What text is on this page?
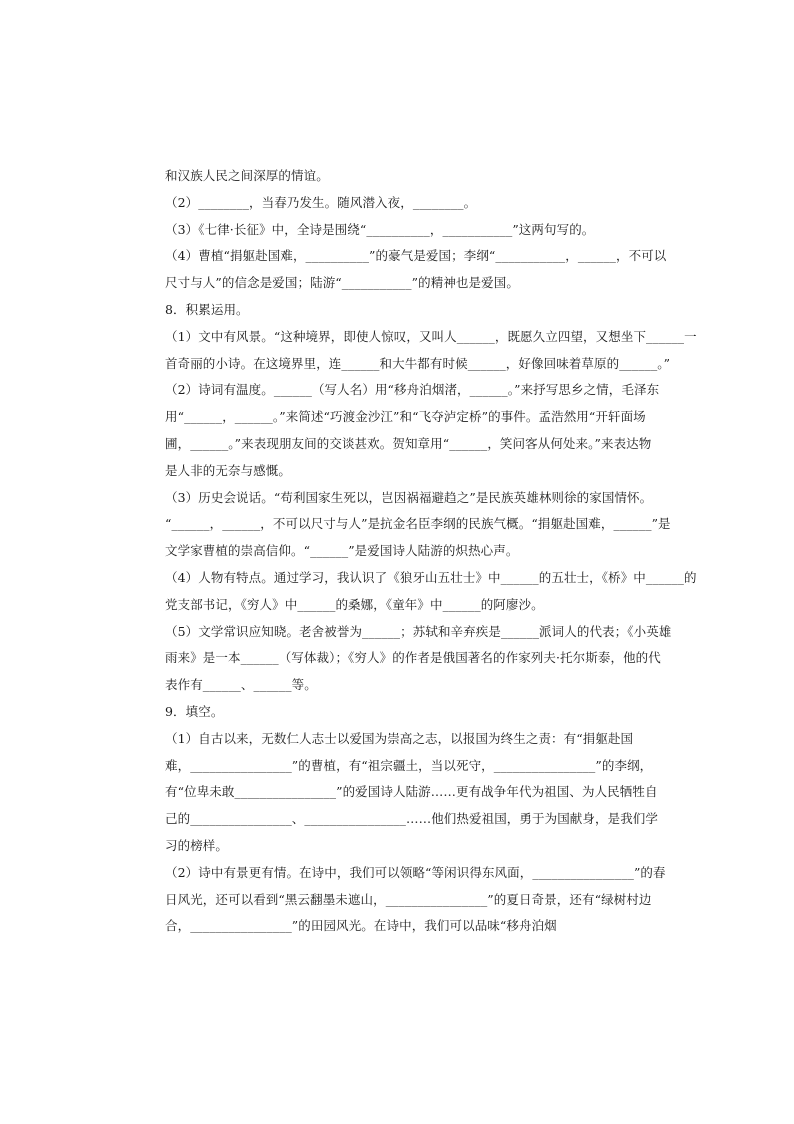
和汉族人民之间深厚的情谊。
（2）________，当春乃发生。随风潜入夜，________。
（3）《七律·长征》中，全诗是围绕“__________，___________”这两句写的。
（4）曹植“捐躯赴国难，__________”的豪气是爱国；李纲“___________，______，不可以
尺寸与人”的信念是爱国；陆游“___________”的精神也是爱国。
8．积累运用。
（1）文中有风景。“这种境界，即使人惊叹，又叫人______，既愿久立四望，又想坐下______一
首奇丽的小诗。在这境界里，连______和大牛都有时候______，好像回味着草原的______。”
（2）诗词有温度。______（写人名）用“移舟泊烟渚，______。”来抒写思乡之情，毛泽东
用“______，______。”来简述“巧渡金沙江”和“飞夺泸定桥”的事件。孟浩然用“开轩面场
圃，______。”来表现朋友间的交谈甚欢。贺知章用“______，笑问客从何处来。”来表达物
是人非的无奈与感慨。
（3）历史会说话。“苟利国家生死以，岂因祸福避趋之”是民族英雄林则徐的家国情怀。
“______，______，不可以尺寸与人”是抗金名臣李纲的民族气概。“捐躯赴国难，______”是
文学家曹植的崇高信仰。“______”是爱国诗人陆游的炽热心声。
（4）人物有特点。通过学习，我认识了《狼牙山五壮士》中______的五壮士，《桥》中______的
党支部书记，《穷人》中______的桑娜，《童年》中______的阿廖沙。
（5）文学常识应知晓。老舍被誉为______；苏轼和辛弃疾是______派词人的代表；《小英雄
雨来》是一本______（写体裁）；《穷人》的作者是俄国著名的作家列夫·托尔斯泰，他的代
表作有______、______等。
9．填空。
（1）自古以来，无数仁人志士以爱国为崇高之志，以报国为终生之责：有“捐躯赴国
难，________________”的曹植，有“祖宗疆土，当以死守，________________”的李纲，
有“位卑未敢________________”的爱国诗人陆游……更有战争年代为祖国、为人民牺牲自
己的________________、________________……他们热爱祖国，勇于为国献身，是我们学
习的榜样。
（2）诗中有景更有情。在诗中，我们可以领略“等闲识得东风面，________________”的春
日风光，还可以看到“黑云翻墨未遮山，________________”的夏日奇景，还有“绿树村边
合，________________”的田园风光。在诗中，我们可以品味“移舟泊烟
